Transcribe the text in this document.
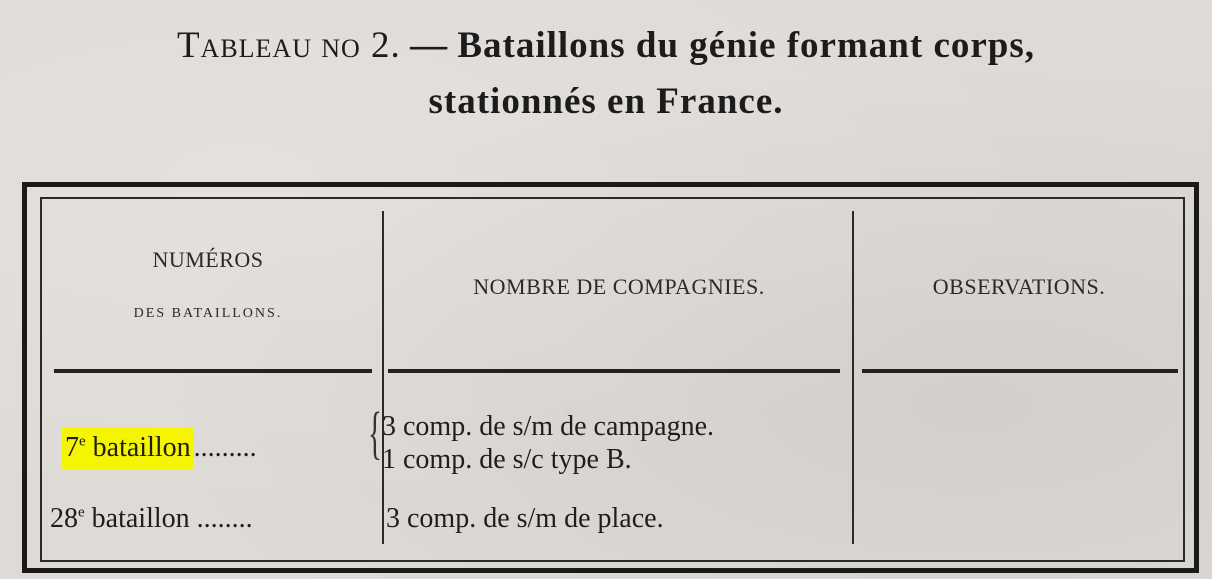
Tableau no 2. — Bataillons du génie formant corps,
stationnés en France.
NUMÉROS
DES BATAILLONS.
NOMBRE DE COMPAGNIES.	OBSERVATIONS.
7e bataillon ......... { 3 comp. de s/m de campagne.
1 comp. de s/c type B.
28e bataillon ........	3 comp. de s/m de place.
